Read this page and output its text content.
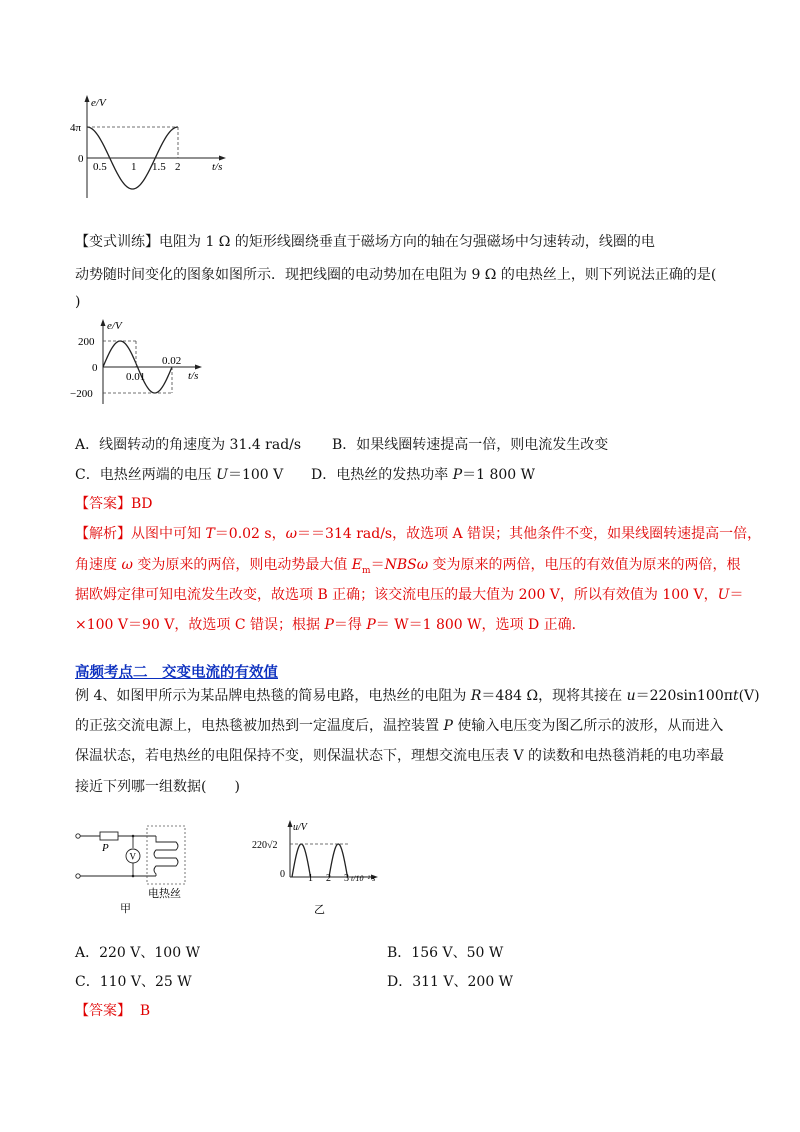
e/V
4π
0
0.5 1 1.5 2	t/s
【变式训练】电阻为 1 Ω 的矩形线圈绕垂直于磁场方向的轴在匀强磁场中匀速转动，线圈的电
动势随时间变化的图象如图所示．现把线圈的电动势加在电阻为 9 Ω 的电热丝上，则下列说法正确的是(
)
e/V
200
0
−200
0.01
0.02
t/s
A．线圈转动的角速度为 31.4 rad/s B．如果线圈转速提高一倍，则电流发生改变
C．电热丝两端的电压 U＝100 V D．电热丝的发热功率 P＝1 800 W
【答案】BD
【解析】从图中可知 T＝0.02 s，ω＝＝314 rad/s，故选项 A 错误；其他条件不变，如果线圈转速提高一倍，
角速度 ω 变为原来的两倍，则电动势最大值 $E_m=NBS\omega$ 变为原来的两倍，电压的有效值为原来的两倍，根
据欧姆定律可知电流发生改变，故选项 B 正确；该交流电压的最大值为 200 V，所以有效值为 100 V，U＝
×100 V＝90 V，故选项 C 错误；根据 P＝得 P＝ W＝1 800 W，选项 D 正确．
高频考点二　交变电流的有效值
例 4、如图甲所示为某品牌电热毯的简易电路，电热丝的电阻为 R＝484 Ω，现将其接在 u＝220sin100πt(V)
的正弦交流电源上，电热毯被加热到一定温度后，温控装置 P 使输入电压变为图乙所示的波形，从而进入
保温状态，若电热丝的电阻保持不变，则保温状态下，理想交流电压表 V 的读数和电热毯消耗的电功率最
接近下列哪一组数据(　　)
P
V
电热丝
甲
u/V
220√2
0 1 2 3 t/10⁻² s
乙
A．220 V、100 W	B．156 V、50 W
C．110 V、25 W	D．311 V、200 W
【答案】 B
